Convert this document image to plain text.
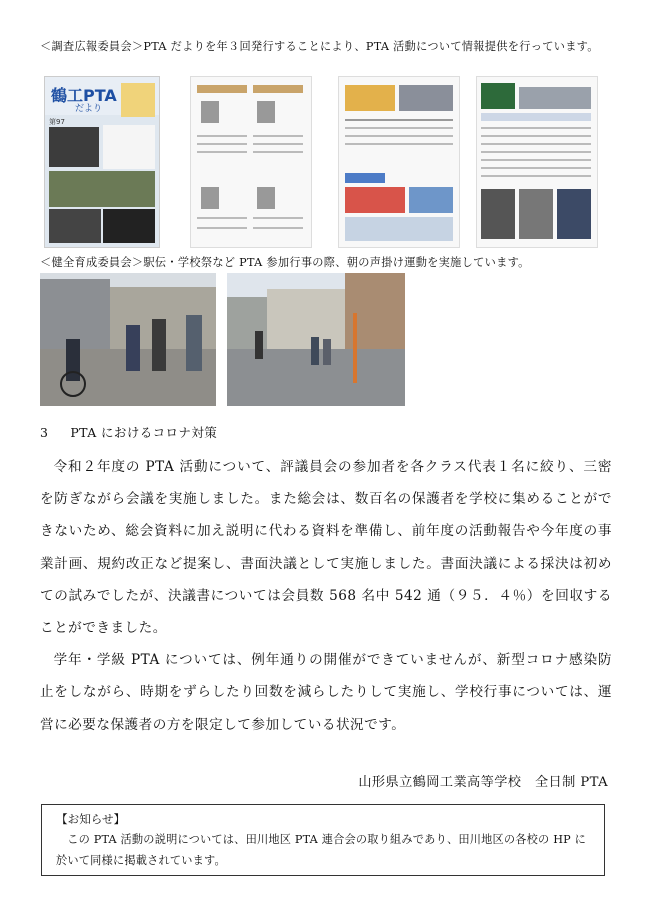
＜調査広報委員会＞PTA だよりを年３回発行することにより、PTA 活動について情報提供を行っています。
鶴工PTA
だより
第97
＜健全育成委員会＞駅伝・学校祭など PTA 参加行事の際、朝の声掛け運動を実施しています。
3 PTA におけるコロナ対策

令和２年度の PTA 活動について、評議員会の参加者を各クラス代表１名に絞り、三密を防ぎながら会議を実施しました。また総会は、数百名の保護者を学校に集めることができないため、総会資料に加え説明に代わる資料を準備し、前年度の活動報告や今年度の事業計画、規約改正など提案し、書面決議として実施しました。書面決議による採決は初めての試みでしたが、決議書については会員数 568 名中 542 通（９５．４％）を回収することができました。

学年・学級 PTA については、例年通りの開催ができていませんが、新型コロナ感染防止をしながら、時期をずらしたり回数を減らしたりして実施し、学校行事については、運営に必要な保護者の方を限定して参加している状況です。

山形県立鶴岡工業高等学校　全日制 PTA
【お知らせ】
この PTA 活動の説明については、田川地区 PTA 連合会の取り組みであり、田川地区の各校の HP に於いて同様に掲載されています。
